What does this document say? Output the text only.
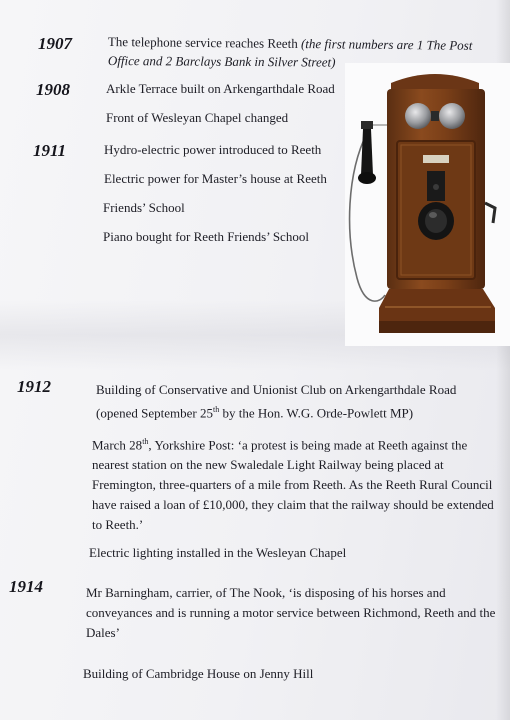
1907	The telephone service reaches Reeth (the first numbers are 1 The Post
Office and 2 Barclays Bank in Silver Street)
1908	Arkle Terrace built on Arkengarthdale Road
Front of Wesleyan Chapel changed
1911	Hydro-electric power introduced to Reeth
Electric power for Master’s house at Reeth
Friends’ School
Piano bought for Reeth Friends’ School
1912	Building of Conservative and Unionist Club on Arkengarthdale Road
(opened September 25th by the Hon. W.G. Orde-Powlett MP)
March 28th, Yorkshire Post: ‘a protest is being made at Reeth against the nearest station on the new Swaledale Light Railway being placed at Fremington, three-quarters of a mile from Reeth. As the Reeth Rural Council have raised a loan of £10,000, they claim that the railway should be extended to Reeth.’
Electric lighting installed in the Wesleyan Chapel
1914	Mr Barningham, carrier, of The Nook, ‘is disposing of his horses and conveyances and is running a motor service between Richmond, Reeth and the Dales’
Building of Cambridge House on Jenny Hill
